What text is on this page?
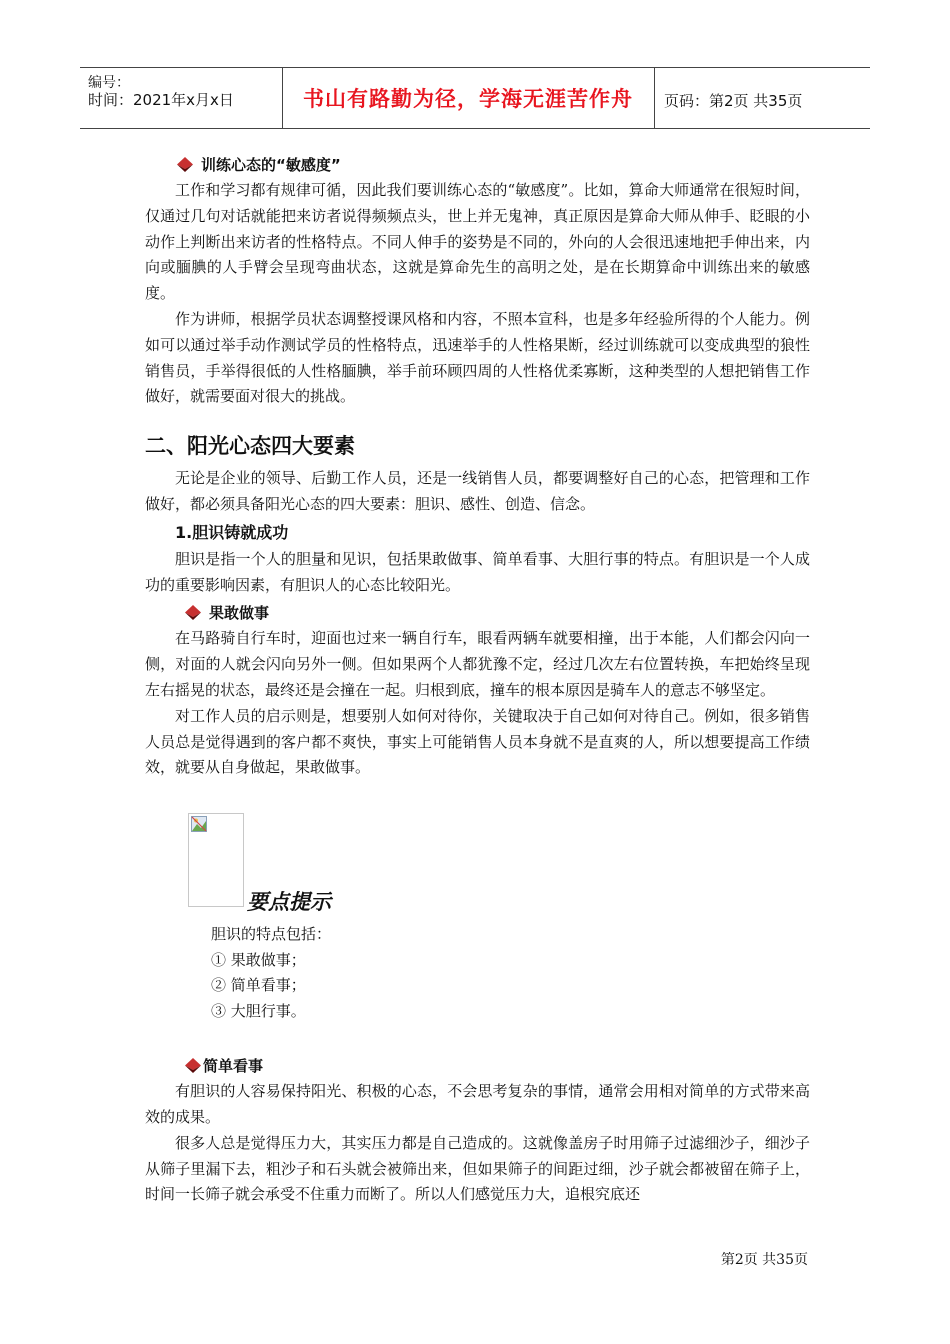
编号：
时间：2021年x月x日	书山有路勤为径，学海无涯苦作舟 页码：第2页 共35页
训练心态的“敏感度”

工作和学习都有规律可循，因此我们要训练心态的“敏感度”。比如，算命大师通常在很短时间，仅通过几句对话就能把来访者说得频频点头，世上并无鬼神，真正原因是算命大师从伸手、眨眼的小动作上判断出来访者的性格特点。不同人伸手的姿势是不同的，外向的人会很迅速地把手伸出来，内向或腼腆的人手臂会呈现弯曲状态，这就是算命先生的高明之处，是在长期算命中训练出来的敏感度。

作为讲师，根据学员状态调整授课风格和内容，不照本宣科，也是多年经验所得的个人能力。例如可以通过举手动作测试学员的性格特点，迅速举手的人性格果断，经过训练就可以变成典型的狼性销售员，手举得很低的人性格腼腆，举手前环顾四周的人性格优柔寡断，这种类型的人想把销售工作做好，就需要面对很大的挑战。

二、阳光心态四大要素

无论是企业的领导、后勤工作人员，还是一线销售人员，都要调整好自己的心态，把管理和工作做好，都必须具备阳光心态的四大要素：胆识、感性、创造、信念。

1.胆识铸就成功

胆识是指一个人的胆量和见识，包括果敢做事、简单看事、大胆行事的特点。有胆识是一个人成功的重要影响因素，有胆识人的心态比较阳光。

果敢做事

在马路骑自行车时，迎面也过来一辆自行车，眼看两辆车就要相撞，出于本能，人们都会闪向一侧，对面的人就会闪向另外一侧。但如果两个人都犹豫不定，经过几次左右位置转换，车把始终呈现左右摇晃的状态，最终还是会撞在一起。归根到底，撞车的根本原因是骑车人的意志不够坚定。

对工作人员的启示则是，想要别人如何对待你，关键取决于自己如何对待自己。例如，很多销售人员总是觉得遇到的客户都不爽快，事实上可能销售人员本身就不是直爽的人，所以想要提高工作绩效，就要从自身做起，果敢做事。

要点提示
胆识的特点包括：
① 果敢做事；
② 简单看事；
③ 大胆行事。
简单看事

有胆识的人容易保持阳光、积极的心态，不会思考复杂的事情，通常会用相对简单的方式带来高效的成果。

很多人总是觉得压力大，其实压力都是自己造成的。这就像盖房子时用筛子过滤细沙子，细沙子从筛子里漏下去，粗沙子和石头就会被筛出来，但如果筛子的间距过细，沙子就会都被留在筛子上，时间一长筛子就会承受不住重力而断了。所以人们感觉压力大，追根究底还

第2页 共35页
